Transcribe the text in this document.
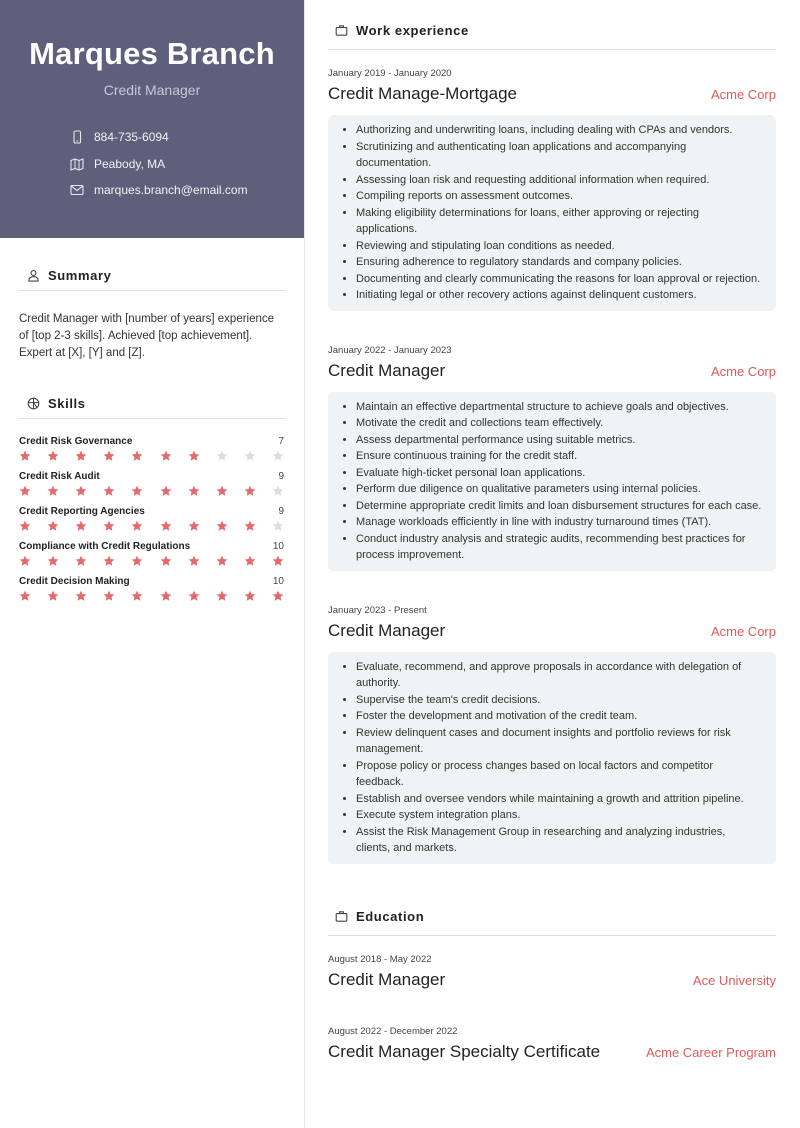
Marques Branch
Credit Manager
884-735-6094
Peabody, MA
marques.branch@email.com
Summary

Credit Manager with [number of years] experience of [top 2-3 skills]. Achieved [top achievement]. Expert at [X], [Y] and [Z].

Skills
Credit Risk Governance	7
Credit Risk Audit	9
Credit Reporting Agencies	9
Compliance with Credit Regulations	10
Credit Decision Making	10
Work experience
January 2019 - January 2020
Credit Manage-Mortgage	Acme Corp
• Authorizing and underwriting loans, including dealing with CPAs and vendors.
• Scrutinizing and authenticating loan applications and accompanying documentation.
• Assessing loan risk and requesting additional information when required.
• Compiling reports on assessment outcomes.
• Making eligibility determinations for loans, either approving or rejecting applications.
• Reviewing and stipulating loan conditions as needed.
• Ensuring adherence to regulatory standards and company policies.
• Documenting and clearly communicating the reasons for loan approval or rejection.
• Initiating legal or other recovery actions against delinquent customers.
January 2022 - January 2023
Credit Manager	Acme Corp
• Maintain an effective departmental structure to achieve goals and objectives.
• Motivate the credit and collections team effectively.
• Assess departmental performance using suitable metrics.
• Ensure continuous training for the credit staff.
• Evaluate high-ticket personal loan applications.
• Perform due diligence on qualitative parameters using internal policies.
• Determine appropriate credit limits and loan disbursement structures for each case.
• Manage workloads efficiently in line with industry turnaround times (TAT).
• Conduct industry analysis and strategic audits, recommending best practices for process improvement.
January 2023 - Present
Credit Manager	Acme Corp
• Evaluate, recommend, and approve proposals in accordance with delegation of authority.
• Supervise the team's credit decisions.
• Foster the development and motivation of the credit team.
• Review delinquent cases and document insights and portfolio reviews for risk management.
• Propose policy or process changes based on local factors and competitor feedback.
• Establish and oversee vendors while maintaining a growth and attrition pipeline.
• Execute system integration plans.
• Assist the Risk Management Group in researching and analyzing industries, clients, and markets.
Education
August 2018 - May 2022
Credit Manager	Ace University
August 2022 - December 2022
Credit Manager Specialty Certificate	Acme Career Program
